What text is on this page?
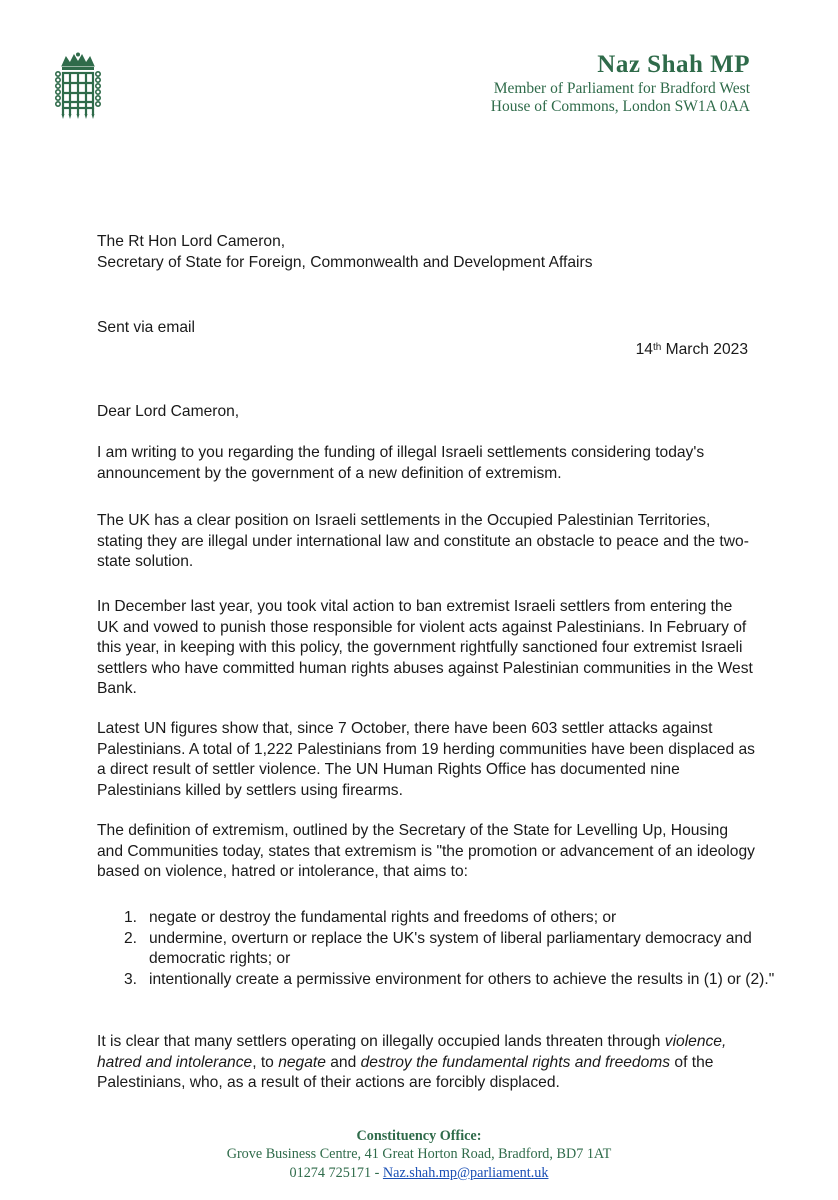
Naz Shah MP
Member of Parliament for Bradford West
House of Commons, London SW1A 0AA
The Rt Hon Lord Cameron,
Secretary of State for Foreign, Commonwealth and Development Affairs
Sent via email
14th March 2023
Dear Lord Cameron,

I am writing to you regarding the funding of illegal Israeli settlements considering today's announcement by the government of a new definition of extremism.

The UK has a clear position on Israeli settlements in the Occupied Palestinian Territories, stating they are illegal under international law and constitute an obstacle to peace and the two-state solution.

In December last year, you took vital action to ban extremist Israeli settlers from entering the UK and vowed to punish those responsible for violent acts against Palestinians. In February of this year, in keeping with this policy, the government rightfully sanctioned four extremist Israeli settlers who have committed human rights abuses against Palestinian communities in the West Bank.

Latest UN figures show that, since 7 October, there have been 603 settler attacks against Palestinians. A total of 1,222 Palestinians from 19 herding communities have been displaced as a direct result of settler violence. The UN Human Rights Office has documented nine Palestinians killed by settlers using firearms.

The definition of extremism, outlined by the Secretary of the State for Levelling Up, Housing and Communities today, states that extremism is "the promotion or advancement of an ideology based on violence, hatred or intolerance, that aims to:

1. negate or destroy the fundamental rights and freedoms of others; or
2. undermine, overturn or replace the UK's system of liberal parliamentary democracy and democratic rights; or
3. intentionally create a permissive environment for others to achieve the results in (1) or (2)."

It is clear that many settlers operating on illegally occupied lands threaten through violence, hatred and intolerance, to negate and destroy the fundamental rights and freedoms of the Palestinians, who, as a result of their actions are forcibly displaced.

Constituency Office:
Grove Business Centre, 41 Great Horton Road, Bradford, BD7 1AT
01274 725171 - Naz.shah.mp@parliament.uk
